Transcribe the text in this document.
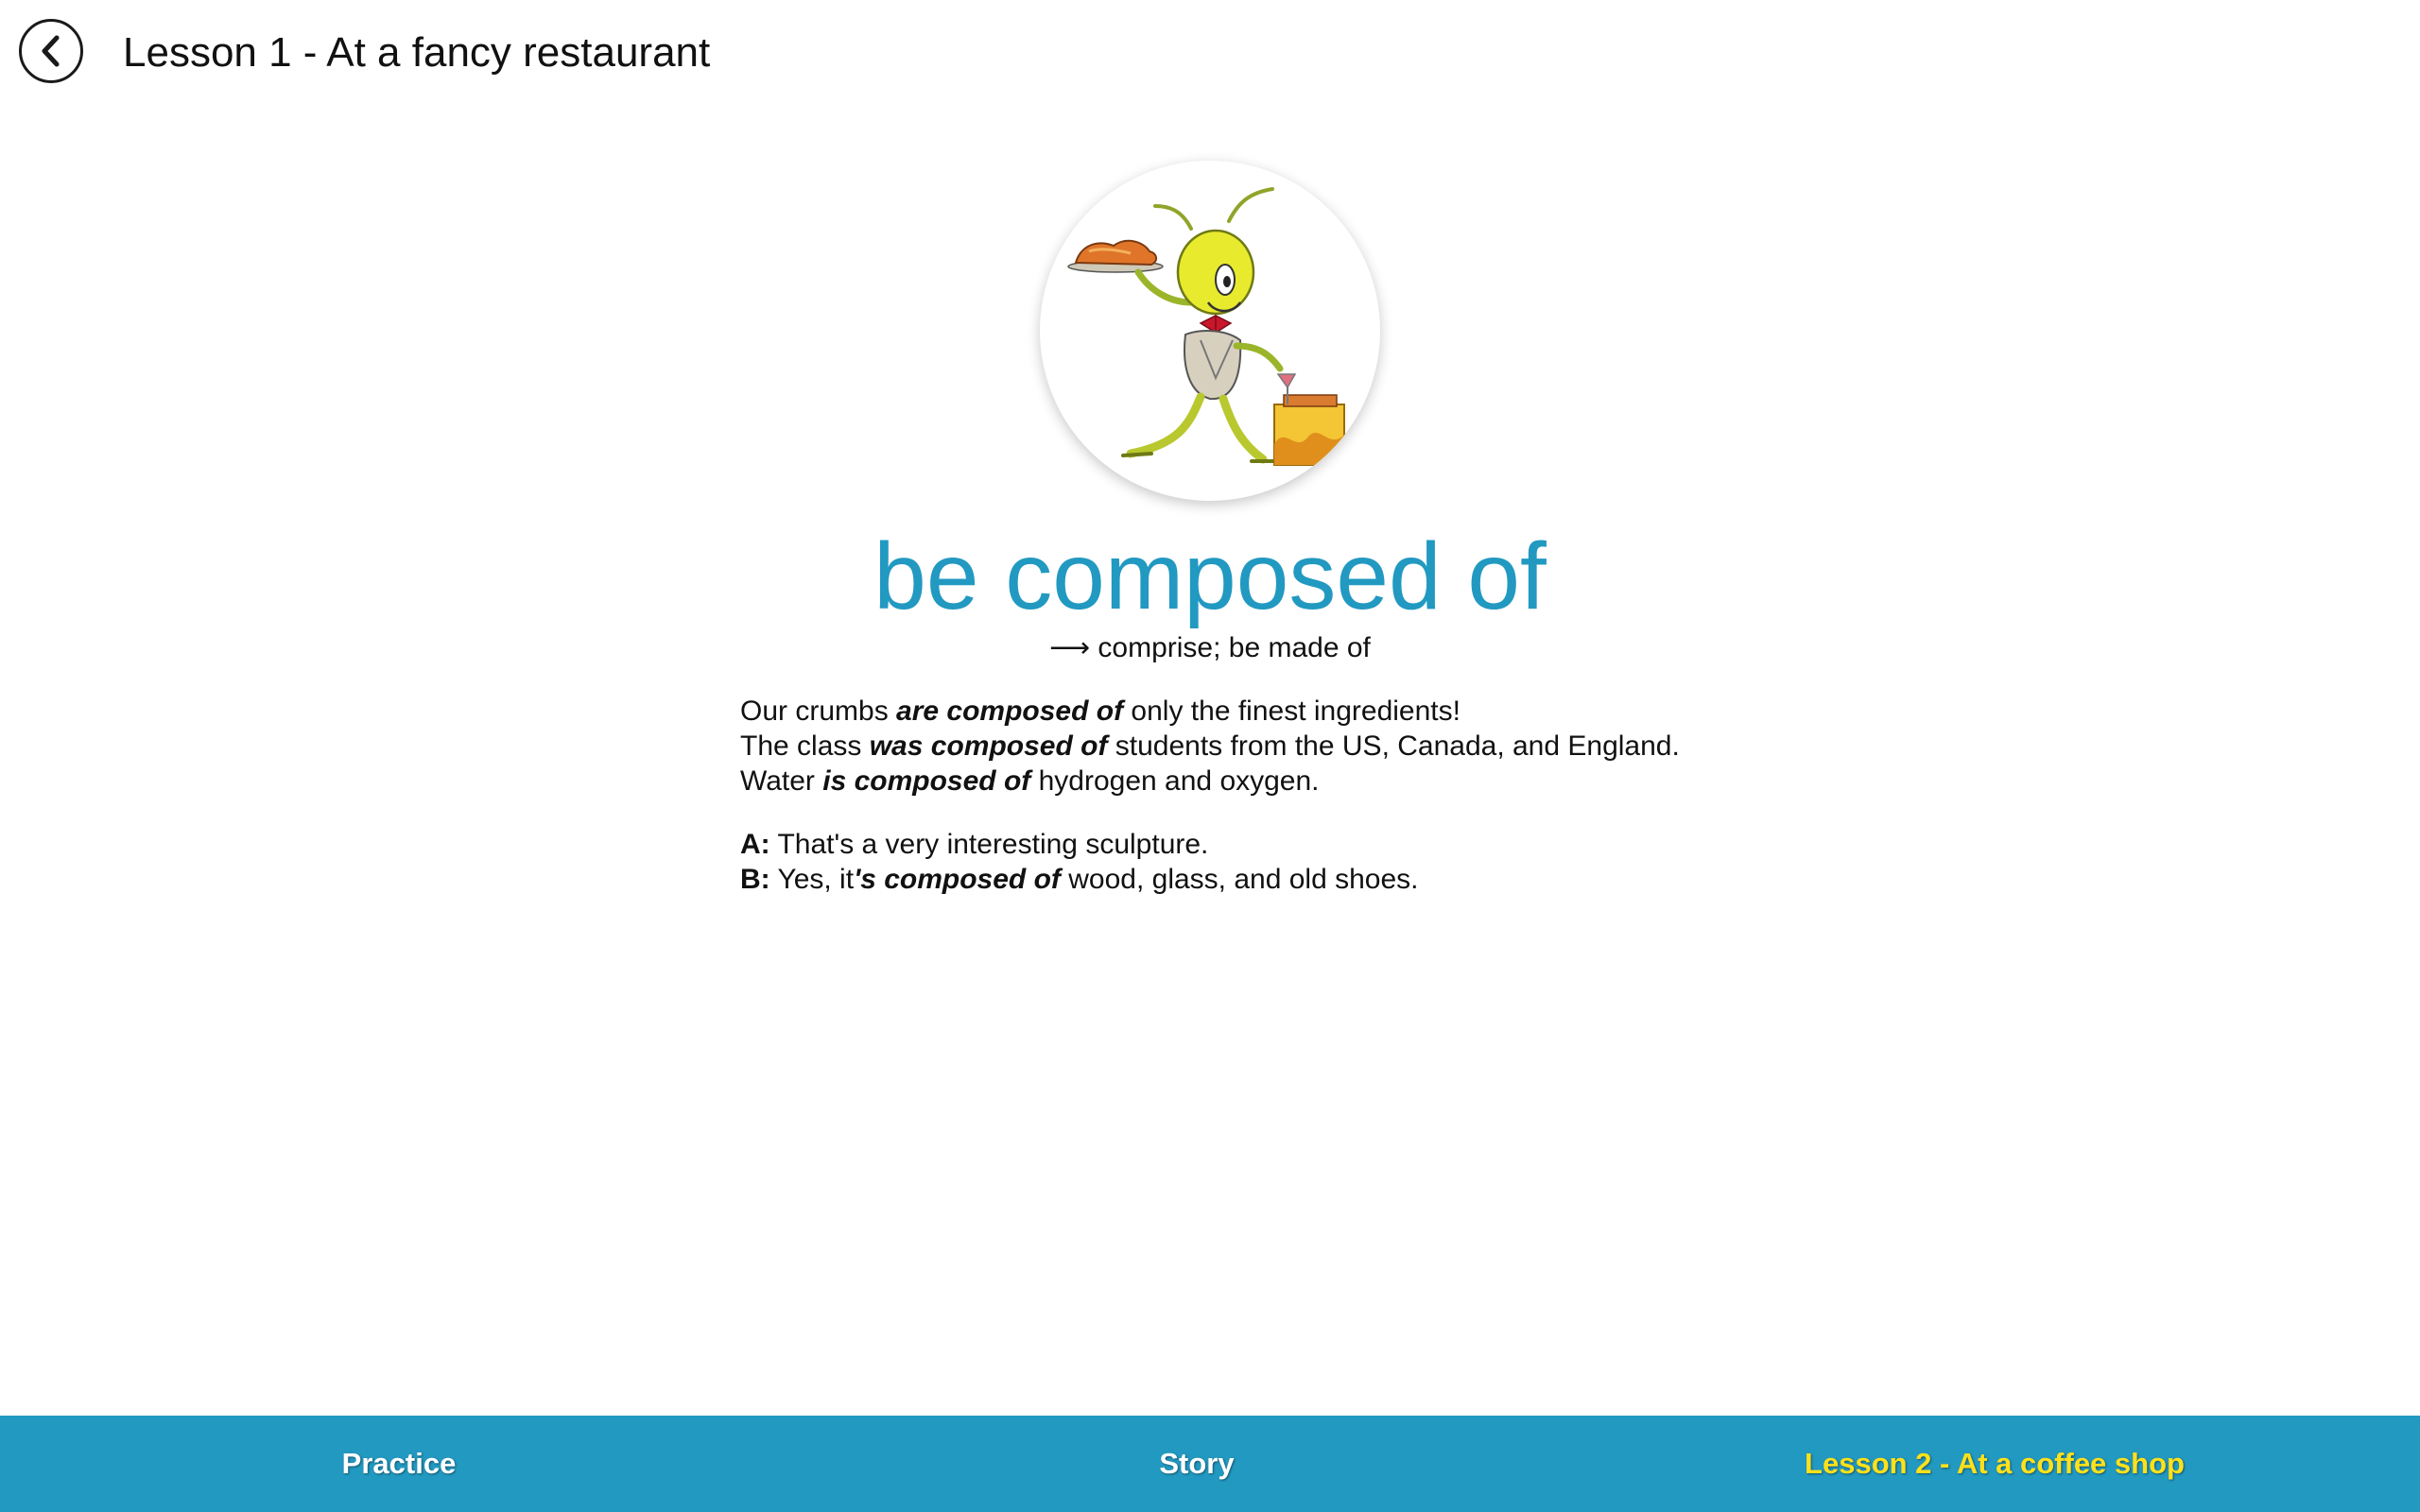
Lesson 1 - At a fancy restaurant
be composed of
⟶ comprise; be made of

Our crumbs are composed of only the finest ingredients!

The class was composed of students from the US, Canada, and England.

Water is composed of hydrogen and oxygen.

A: That's a very interesting sculpture.

B: Yes, it's composed of wood, glass, and old shoes.

Practice	Story	Lesson 2 - At a coffee shop
